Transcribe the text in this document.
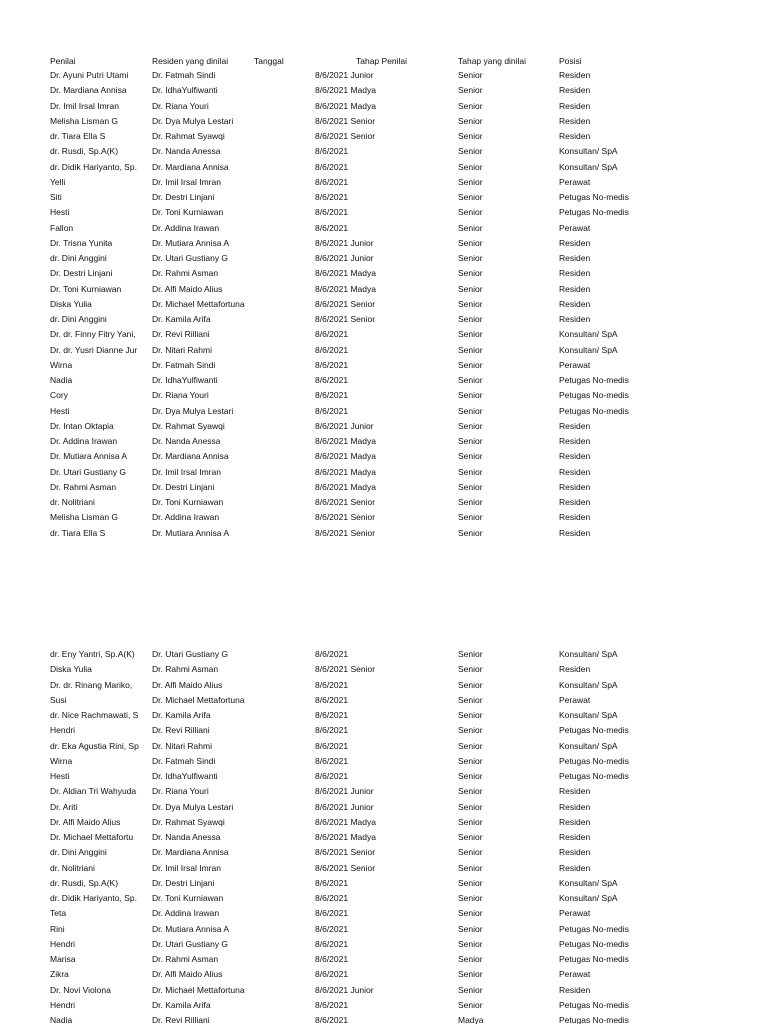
Penilai	Residen yang dinilai	Tanggal	Tahap Penilai	Tahap yang dinilai	Posisi
Dr. Ayuni Putri Utami	Dr. Fatmah Sindi	8/6/2021 Junior	Senior	Residen
Dr. Mardiana Annisa	Dr. IdhaYulfiwanti	8/6/2021 Madya	Senior	Residen
Dr. Imil Irsal Imran	Dr. Riana Youri	8/6/2021 Madya	Senior	Residen
Melisha Lisman G	Dr. Dya Mulya Lestari	8/6/2021 Senior	Senior	Residen
dr. Tiara Ella S	Dr. Rahmat Syawqi	8/6/2021 Senior	Senior	Residen
dr. Rusdi, Sp.A(K)	Dr. Nanda Anessa	8/6/2021	Senior	Konsultan/ SpA
dr. Didik Hariyanto, Sp.	Dr. Mardiana Annisa	8/6/2021	Senior	Konsultan/ SpA
Yelli	Dr. Imil Irsal Imran	8/6/2021	Senior	Perawat
Siti	Dr. Destri Linjani	8/6/2021	Senior	Petugas No-medis
Hesti	Dr. Toni Kurniawan	8/6/2021	Senior	Petugas No-medis
Fallon	Dr. Addina Irawan	8/6/2021	Senior	Perawat
Dr. Trisna Yunita	Dr. Mutiara Annisa A	8/6/2021 Junior	Senior	Residen
dr. Dini Anggini	Dr. Utari Gustiany G	8/6/2021 Junior	Senior	Residen
Dr. Destri Linjani	Dr. Rahmi Asman	8/6/2021 Madya	Senior	Residen
Dr. Toni Kurniawan	Dr. Alfi Maido Alius	8/6/2021 Madya	Senior	Residen
Diska Yulia	Dr. Michael Mettafortuna	8/6/2021 Senior	Senior	Residen
dr. Dini Anggini	Dr. Kamila Arifa	8/6/2021 Senior	Senior	Residen
Dr. dr. Finny Fitry Yani,	Dr. Revi Rilliani	8/6/2021	Senior	Konsultan/ SpA
Dr. dr. Yusri Dianne Jur	Dr. Nitari Rahmi	8/6/2021	Senior	Konsultan/ SpA
Wirna	Dr. Fatmah Sindi	8/6/2021	Senior	Perawat
Nadia	Dr. IdhaYulfiwanti	8/6/2021	Senior	Petugas No-medis
Cory	Dr. Riana Youri	8/6/2021	Senior	Petugas No-medis
Hesti	Dr. Dya Mulya Lestari	8/6/2021	Senior	Petugas No-medis
Dr. Intan Oktapia	Dr. Rahmat Syawqi	8/6/2021 Junior	Senior	Residen
Dr. Addina Irawan	Dr. Nanda Anessa	8/6/2021 Madya	Senior	Residen
Dr. Mutiara Annisa A	Dr. Mardiana Annisa	8/6/2021 Madya	Senior	Residen
Dr. Utari Gustiany G	Dr. Imil Irsal Imran	8/6/2021 Madya	Senior	Residen
Dr. Rahmi Asman	Dr. Destri Linjani	8/6/2021 Madya	Senior	Residen
dr. Nolitriani	Dr. Toni Kurniawan	8/6/2021 Senior	Senior	Residen
Melisha Lisman G	Dr. Addina Irawan	8/6/2021 Senior	Senior	Residen
dr. Tiara Ella S	Dr. Mutiara Annisa A	8/6/2021 Senior	Senior	Residen
dr. Eny Yantri, Sp.A(K)	Dr. Utari Gustiany G	8/6/2021	Senior	Konsultan/ SpA
Diska Yulia	Dr. Rahmi Asman	8/6/2021 Senior	Senior	Residen
Dr. dr. Rinang Mariko,	Dr. Alfi Maido Alius	8/6/2021	Senior	Konsultan/ SpA
Susi	Dr. Michael Mettafortuna	8/6/2021	Senior	Perawat
dr. Nice Rachmawati, S	Dr. Kamila Arifa	8/6/2021	Senior	Konsultan/ SpA
Hendri	Dr. Revi Rilliani	8/6/2021	Senior	Petugas No-medis
dr. Eka Agustia Rini, Sp	Dr. Nitari Rahmi	8/6/2021	Senior	Konsultan/ SpA
Wirna	Dr. Fatmah Sindi	8/6/2021	Senior	Petugas No-medis
Hesti	Dr. IdhaYulfiwanti	8/6/2021	Senior	Petugas No-medis
Dr. Aldian Tri Wahyuda	Dr. Riana Youri	8/6/2021 Junior	Senior	Residen
Dr. Ariti	Dr. Dya Mulya Lestari	8/6/2021 Junior	Senior	Residen
Dr. Alfi Maido Alius	Dr. Rahmat Syawqi	8/6/2021 Madya	Senior	Residen
Dr. Michael Mettafortu	Dr. Nanda Anessa	8/6/2021 Madya	Senior	Residen
dr. Dini Anggini	Dr. Mardiana Annisa	8/6/2021 Senior	Senior	Residen
dr. Nolitriani	Dr. Imil Irsal Imran	8/6/2021 Senior	Senior	Residen
dr. Rusdi, Sp.A(K)	Dr. Destri Linjani	8/6/2021	Senior	Konsultan/ SpA
dr. Didik Hariyanto, Sp.	Dr. Toni Kurniawan	8/6/2021	Senior	Konsultan/ SpA
Teta	Dr. Addina Irawan	8/6/2021	Senior	Perawat
Rini	Dr. Mutiara Annisa A	8/6/2021	Senior	Petugas No-medis
Hendri	Dr. Utari Gustiany G	8/6/2021	Senior	Petugas No-medis
Marisa	Dr. Rahmi Asman	8/6/2021	Senior	Petugas No-medis
Zikra	Dr. Alfi Maido Alius	8/6/2021	Senior	Perawat
Dr. Novi Violona	Dr. Michael Mettafortuna	8/6/2021 Junior	Senior	Residen
Hendri	Dr. Kamila Arifa	8/6/2021	Senior	Petugas No-medis
Nadia	Dr. Revi Rilliani	8/6/2021	Madya	Petugas No-medis
